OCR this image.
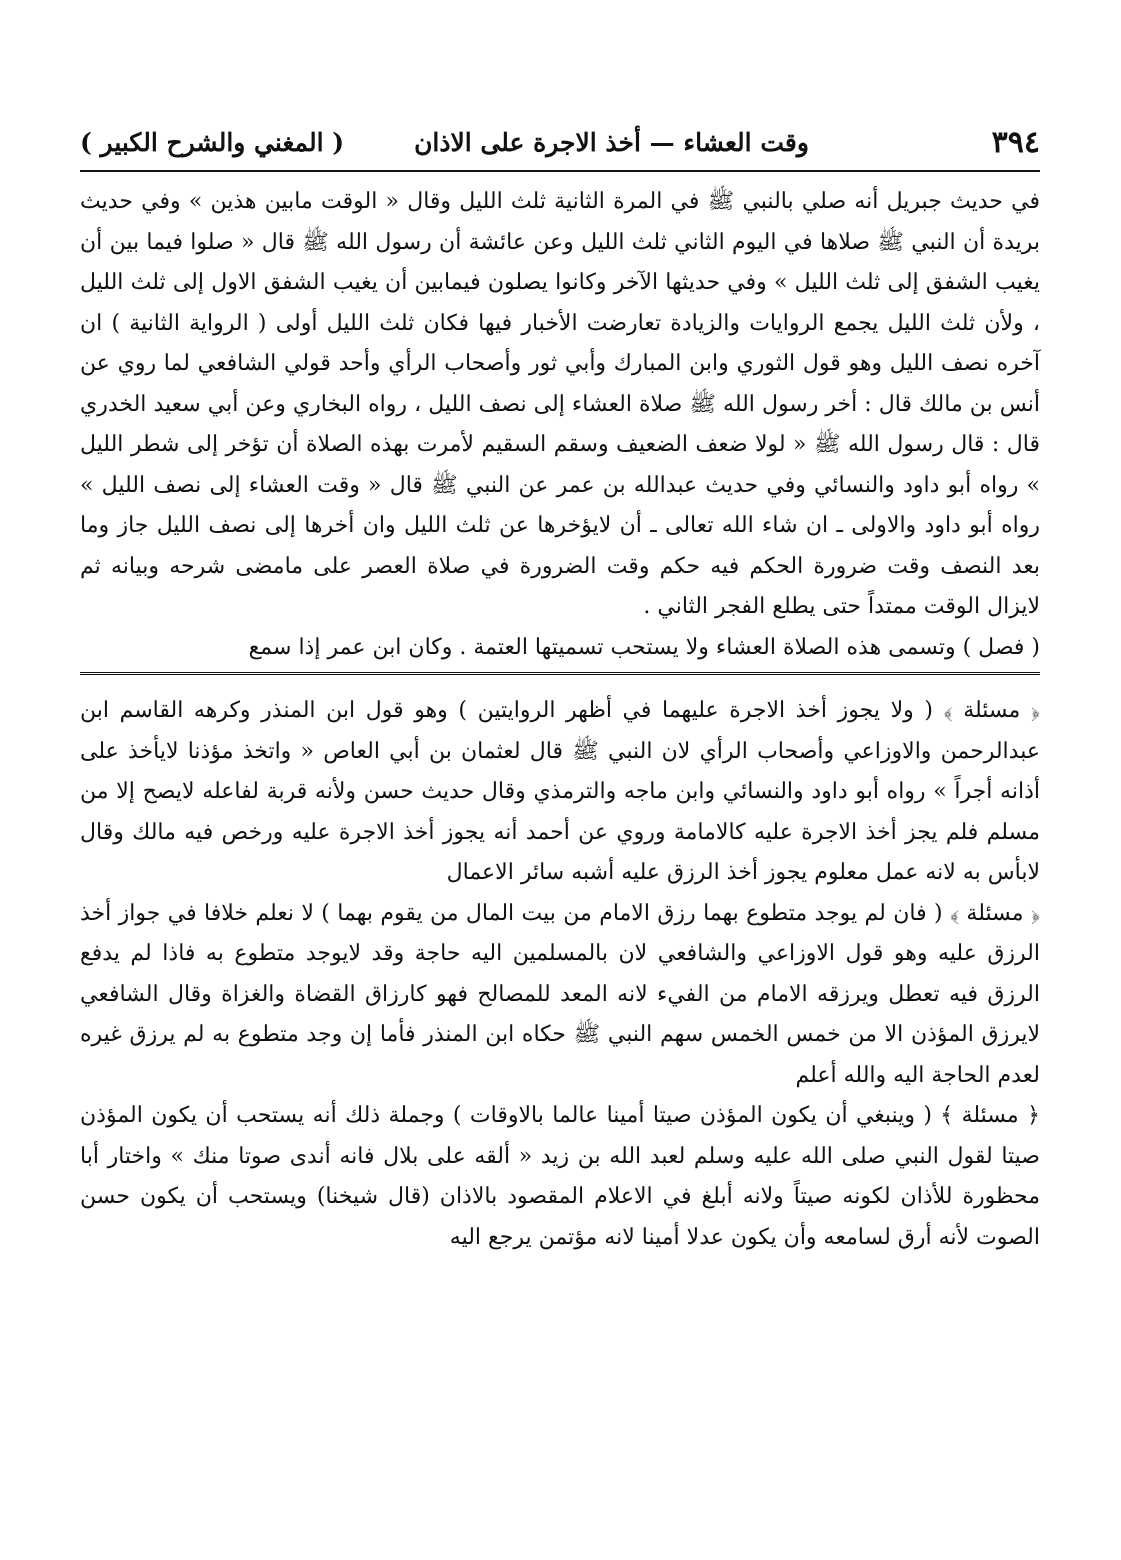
٣٩٤
وقت العشاء — أخذ الاجرة على الاذان
( المغني والشرح الكبير )

في حديث جبريل أنه صلي بالنبي ﷺ في المرة الثانية ثلث الليل وقال « الوقت مابين هذين » وفي حديث بريدة أن النبي ﷺ صلاها في اليوم الثاني ثلث الليل وعن عائشة أن رسول الله ﷺ قال « صلوا فيما بين أن يغيب الشفق إلى ثلث الليل » وفي حديثها الآخر وكانوا يصلون فيمابين أن يغيب الشفق الاول إلى ثلث الليل ، ولأن ثلث الليل يجمع الروايات والزيادة تعارضت الأخبار فيها فكان ثلث الليل أولى ( الرواية الثانية ) ان آخره نصف الليل وهو قول الثوري وابن المبارك وأبي ثور وأصحاب الرأي وأحد قولي الشافعي لما روي عن أنس بن مالك قال : أخر رسول الله ﷺ صلاة العشاء إلى نصف الليل ، رواه البخاري وعن أبي سعيد الخدري قال : قال رسول الله ﷺ « لولا ضعف الضعيف وسقم السقيم لأمرت بهذه الصلاة أن تؤخر إلى شطر الليل » رواه أبو داود والنسائي وفي حديث عبدالله بن عمر عن النبي ﷺ قال « وقت العشاء إلى نصف الليل » رواه أبو داود والاولى ـ ان شاء الله تعالى ـ أن لايؤخرها عن ثلث الليل وان أخرها إلى نصف الليل جاز وما بعد النصف وقت ضرورة الحكم فيه حكم وقت الضرورة في صلاة العصر على مامضى شرحه وبيانه ثم لايزال الوقت ممتداً حتى يطلع الفجر الثاني .

( فصل ) وتسمى هذه الصلاة العشاء ولا يستحب تسميتها العتمة . وكان ابن عمر إذا سمع

﴿ مسئلة ﴾ ( ولا يجوز أخذ الاجرة عليهما في أظهر الروايتين ) وهو قول ابن المنذر وكرهه القاسم ابن عبدالرحمن والاوزاعي وأصحاب الرأي لان النبي ﷺ قال لعثمان بن أبي العاص « واتخذ مؤذنا لايأخذ على أذانه أجراً » رواه أبو داود والنسائي وابن ماجه والترمذي وقال حديث حسن ولأنه قربة لفاعله لايصح إلا من مسلم فلم يجز أخذ الاجرة عليه كالامامة وروي عن أحمد أنه يجوز أخذ الاجرة عليه ورخص فيه مالك وقال لابأس به لانه عمل معلوم يجوز أخذ الرزق عليه أشبه سائر الاعمال

﴿ مسئلة ﴾ ( فان لم يوجد متطوع بهما رزق الامام من بيت المال من يقوم بهما ) لا نعلم خلافا في جواز أخذ الرزق عليه وهو قول الاوزاعي والشافعي لان بالمسلمين اليه حاجة وقد لايوجد متطوع به فاذا لم يدفع الرزق فيه تعطل ويرزقه الامام من الفيء لانه المعد للمصالح فهو كارزاق القضاة والغزاة وقال الشافعي لايرزق المؤذن الا من خمس الخمس سهم النبي ﷺ حكاه ابن المنذر فأما إن وجد متطوع به لم يرزق غيره لعدم الحاجة اليه والله أعلم

﴿ مسئلة ﴾ ( وينبغي أن يكون المؤذن صيتا أمينا عالما بالاوقات ) وجملة ذلك أنه يستحب أن يكون المؤذن صيتا لقول النبي صلى الله عليه وسلم لعبد الله بن زيد « ألقه على بلال فانه أندى صوتا منك » واختار أبا محظورة للأذان لكونه صيتاً ولانه أبلغ في الاعلام المقصود بالاذان (قال شيخنا) ويستحب أن يكون حسن الصوت لأنه أرق لسامعه وأن يكون عدلا أمينا لانه مؤتمن يرجع اليه
